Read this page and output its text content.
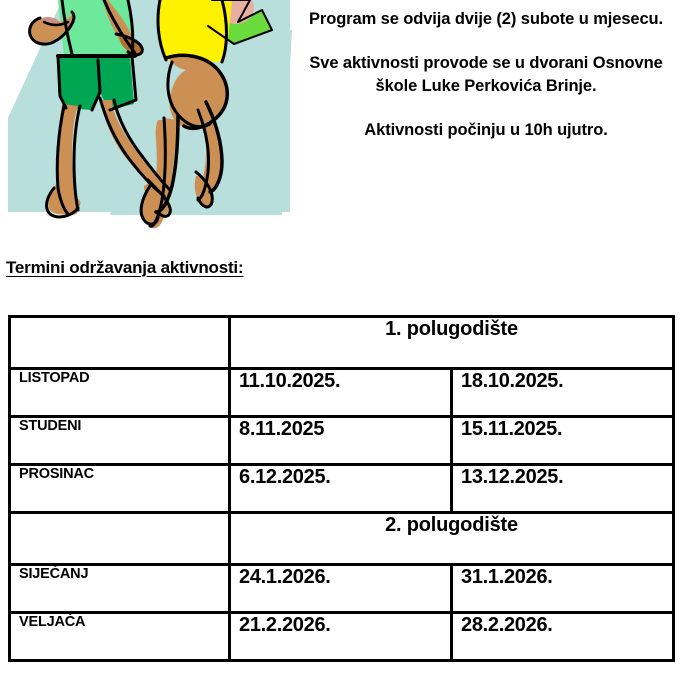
Program se odvija dvije (2) subote u mjesecu.

Sve aktivnosti provode se u dvorani Osnovne škole Luke Perkovića Brinje.

Aktivnosti počinju u 10h ujutro.

Termini održavanja aktivnosti:
	1. polugodište	
LISTOPAD	11.10.2025.	18.10.2025.
STUDENI	8.11.2025	15.11.2025.
PROSINAC	6.12.2025.	13.12.2025.
	2. polugodište	
SIJEČANJ	24.1.2026.	31.1.2026.
VELJAČA	21.2.2026.	28.2.2026.
